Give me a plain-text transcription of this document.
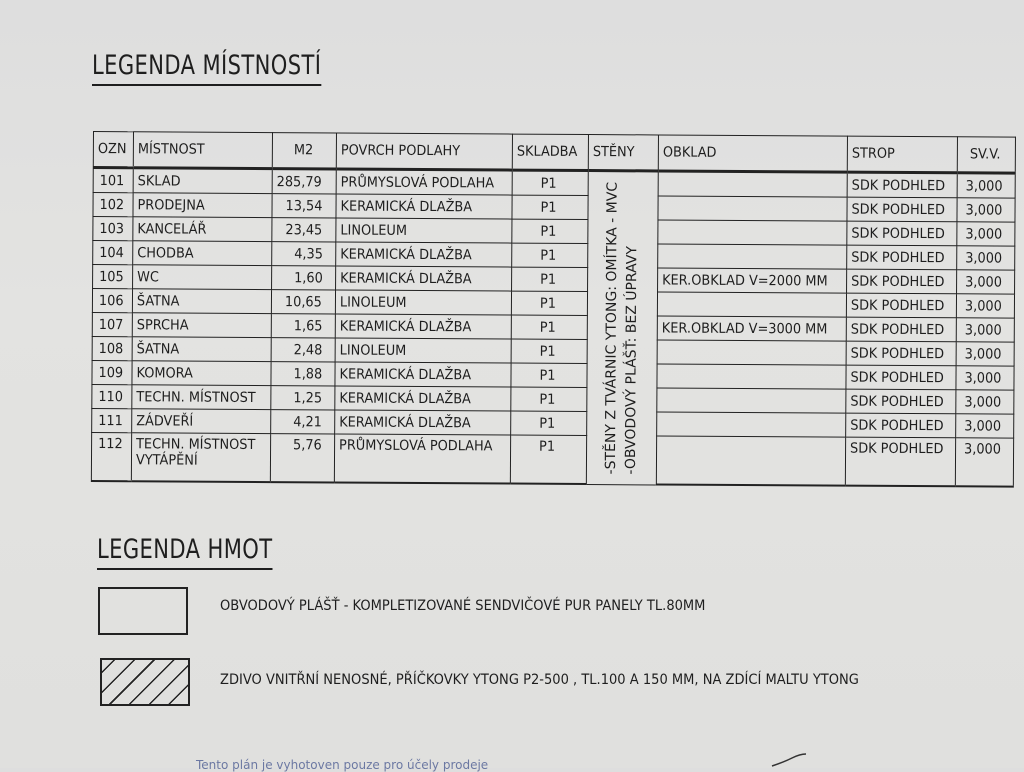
LEGENDA MÍSTNOSTÍ
OZN	MÍSTNOST	M2	POVRCH PODLAHY	SKLADBA	STĚNY	OBKLAD	STROP	SV.V.
101	SKLAD	285,79	PRŮMYSLOVÁ PODLAHA	P1	-STĚNY Z TVÁRNIC YTONG: OMÍTKA - MVC -OBVODOVÝ PLÁŠŤ: BEZ ÚPRAVY		SDK PODHLED	3,000
102	PRODEJNA	13,54	KERAMICKÁ DLAŽBA	P1			SDK PODHLED	3,000
103	KANCELÁŘ	23,45	LINOLEUM	P1			SDK PODHLED	3,000
104	CHODBA	4,35	KERAMICKÁ DLAŽBA	P1			SDK PODHLED	3,000
105	WC	1,60	KERAMICKÁ DLAŽBA	P1		KER.OBKLAD V=2000 MM	SDK PODHLED	3,000
106	ŠATNA	10,65	LINOLEUM	P1			SDK PODHLED	3,000
107	SPRCHA	1,65	KERAMICKÁ DLAŽBA	P1		KER.OBKLAD V=3000 MM	SDK PODHLED	3,000
108	ŠATNA	2,48	LINOLEUM	P1			SDK PODHLED	3,000
109	KOMORA	1,88	KERAMICKÁ DLAŽBA	P1			SDK PODHLED	3,000
110	TECHN. MÍSTNOST	1,25	KERAMICKÁ DLAŽBA	P1			SDK PODHLED	3,000
111	ZÁDVEŘÍ	4,21	KERAMICKÁ DLAŽBA	P1			SDK PODHLED	3,000
112	TECHN. MÍSTNOST
VYTÁPĚNÍ	5,76	PRŮMYSLOVÁ PODLAHA	P1			SDK PODHLED	3,000
OBVODOVÝ PLÁŠŤ - KOMPLETIZOVANÉ SENDVIČOVÉ PUR PANELY TL.80MM
ZDIVO VNITŘNÍ NENOSNÉ, PŘÍČKOVKY YTONG P2-500 , TL.100 A 150 MM, NA ZDÍCÍ MALTU YTONG
LEGENDA HMOT
Tento plán je vyhotoven pouze pro účely prodeje
